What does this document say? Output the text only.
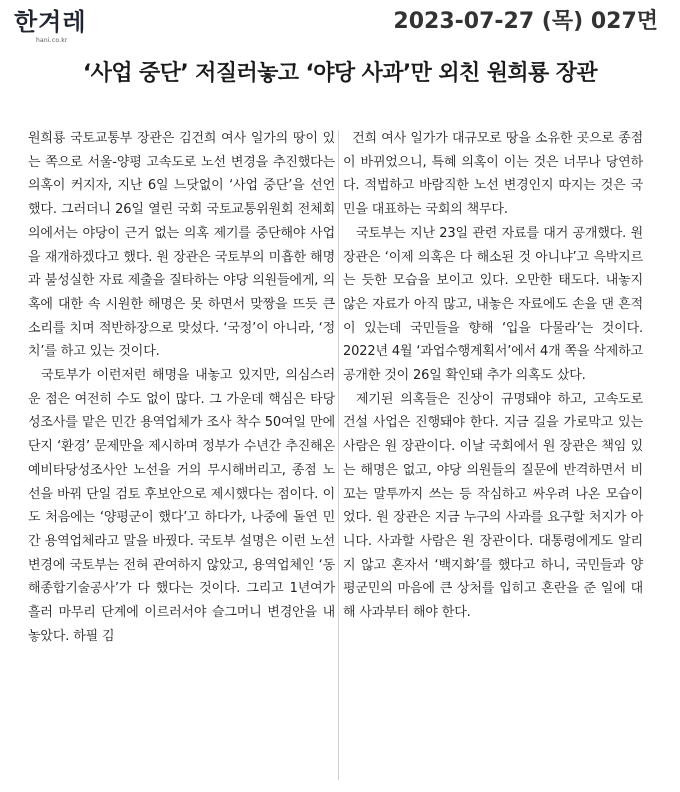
한겨레
hani.co.kr
2023-07-27 (목) 027면
‘사업 중단’ 저질러놓고 ‘야당 사과’만 외친 원희룡 장관

원희룡 국토교통부 장관은 김건희 여사 일가의 땅이 있는 쪽으로 서울-양평 고속도로 노선 변경을 추진했다는 의혹이 커지자, 지난 6일 느닷없이 ‘사업 중단’을 선언했다. 그러더니 26일 열린 국회 국토교통위원회 전체회의에서는 야당이 근거 없는 의혹 제기를 중단해야 사업을 재개하겠다고 했다. 원 장관은 국토부의 미흡한 해명과 불성실한 자료 제출을 질타하는 야당 의원들에게, 의혹에 대한 속 시원한 해명은 못 하면서 맞짱을 뜨듯 큰소리를 치며 적반하장으로 맞섰다. ‘국정’이 아니라, ‘정치’를 하고 있는 것이다.

국토부가 이런저런 해명을 내놓고 있지만, 의심스러운 점은 여전히 수도 없이 많다. 그 가운데 핵심은 타당성조사를 맡은 민간 용역업체가 조사 착수 50여일 만에 단지 ‘환경’ 문제만을 제시하며 정부가 수년간 추진해온 예비타당성조사안 노선을 거의 무시해버리고, 종점 노선을 바꿔 단일 검토 후보안으로 제시했다는 점이다. 이도 처음에는 ‘양평군이 했다’고 하다가, 나중에 돌연 민간 용역업체라고 말을 바꿨다. 국토부 설명은 이런 노선변경에 국토부는 전혀 관여하지 않았고, 용역업체인 ‘동해종합기술공사’가 다 했다는 것이다. 그리고 1년여가 흘러 마무리 단계에 이르러서야 슬그머니 변경안을 내놓았다. 하필 김

건희 여사 일가가 대규모로 땅을 소유한 곳으로 종점이 바뀌었으니, 특혜 의혹이 이는 것은 너무나 당연하다. 적법하고 바람직한 노선 변경인지 따지는 것은 국민을 대표하는 국회의 책무다.

국토부는 지난 23일 관련 자료를 대거 공개했다. 원 장관은 ‘이제 의혹은 다 해소된 것 아니냐’고 윽박지르는 듯한 모습을 보이고 있다. 오만한 태도다. 내놓지 않은 자료가 아직 많고, 내놓은 자료에도 손을 댄 흔적이 있는데 국민들을 향해 ‘입을 다물라’는 것이다. 2022년 4월 ‘과업수행계획서’에서 4개 쪽을 삭제하고 공개한 것이 26일 확인돼 추가 의혹도 샀다.

제기된 의혹들은 진상이 규명돼야 하고, 고속도로 건설 사업은 진행돼야 한다. 지금 길을 가로막고 있는 사람은 원 장관이다. 이날 국회에서 원 장관은 책임 있는 해명은 없고, 야당 의원들의 질문에 반격하면서 비꼬는 말투까지 쓰는 등 작심하고 싸우려 나온 모습이었다. 원 장관은 지금 누구의 사과를 요구할 처지가 아니다. 사과할 사람은 원 장관이다. 대통령에게도 알리지 않고 혼자서 ‘백지화’를 했다고 하니, 국민들과 양평군민의 마음에 큰 상처를 입히고 혼란을 준 일에 대해 사과부터 해야 한다.
